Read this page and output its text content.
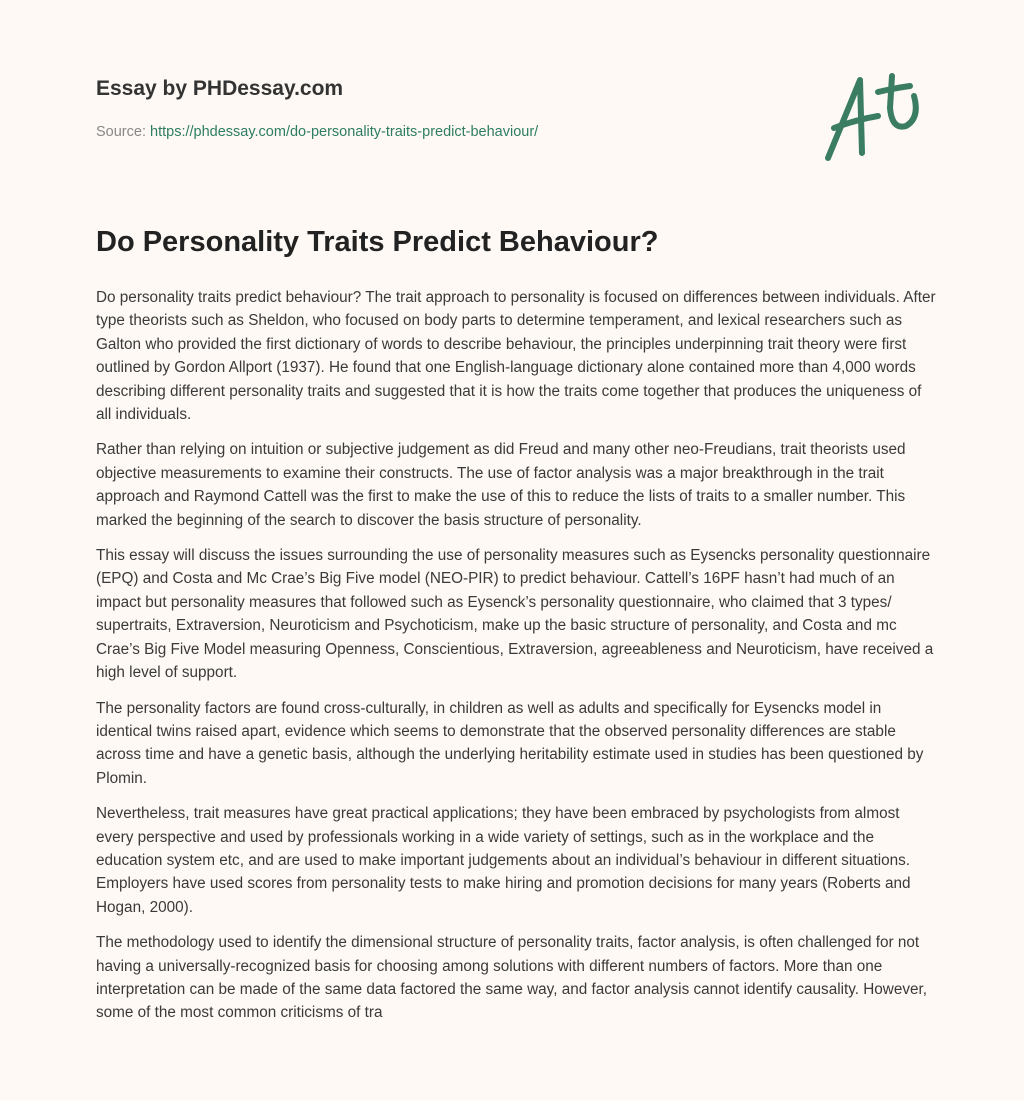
Essay by PHDessay.com
Source: https://phdessay.com/do-personality-traits-predict-behaviour/
Do Personality Traits Predict Behaviour?

Do personality traits predict behaviour? The trait approach to personality is focused on differences between individuals. After type theorists such as Sheldon, who focused on body parts to determine temperament, and lexical researchers such as Galton who provided the first dictionary of words to describe behaviour, the principles underpinning trait theory were first outlined by Gordon Allport (1937). He found that one English-language dictionary alone contained more than 4,000 words describing different personality traits and suggested that it is how the traits come together that produces the uniqueness of all individuals.

Rather than relying on intuition or subjective judgement as did Freud and many other neo-Freudians, trait theorists used objective measurements to examine their constructs. The use of factor analysis was a major breakthrough in the trait approach and Raymond Cattell was the first to make the use of this to reduce the lists of traits to a smaller number. This marked the beginning of the search to discover the basis structure of personality.

This essay will discuss the issues surrounding the use of personality measures such as Eysencks personality questionnaire (EPQ) and Costa and Mc Crae’s Big Five model (NEO-PIR) to predict behaviour. Cattell’s 16PF hasn’t had much of an impact but personality measures that followed such as Eysenck’s personality questionnaire, who claimed that 3 types/ supertraits, Extraversion, Neuroticism and Psychoticism, make up the basic structure of personality, and Costa and mc Crae’s Big Five Model measuring Openness, Conscientious, Extraversion, agreeableness and Neuroticism, have received a high level of support.

The personality factors are found cross-culturally, in children as well as adults and specifically for Eysencks model in identical twins raised apart, evidence which seems to demonstrate that the observed personality differences are stable across time and have a genetic basis, although the underlying heritability estimate used in studies has been questioned by Plomin.

Nevertheless, trait measures have great practical applications; they have been embraced by psychologists from almost every perspective and used by professionals working in a wide variety of settings, such as in the workplace and the education system etc, and are used to make important judgements about an individual’s behaviour in different situations. Employers have used scores from personality tests to make hiring and promotion decisions for many years (Roberts and Hogan, 2000).

The methodology used to identify the dimensional structure of personality traits, factor analysis, is often challenged for not having a universally-recognized basis for choosing among solutions with different numbers of factors. More than one interpretation can be made of the same data factored the same way, and factor analysis cannot identify causality. However, some of the most common criticisms of tra
